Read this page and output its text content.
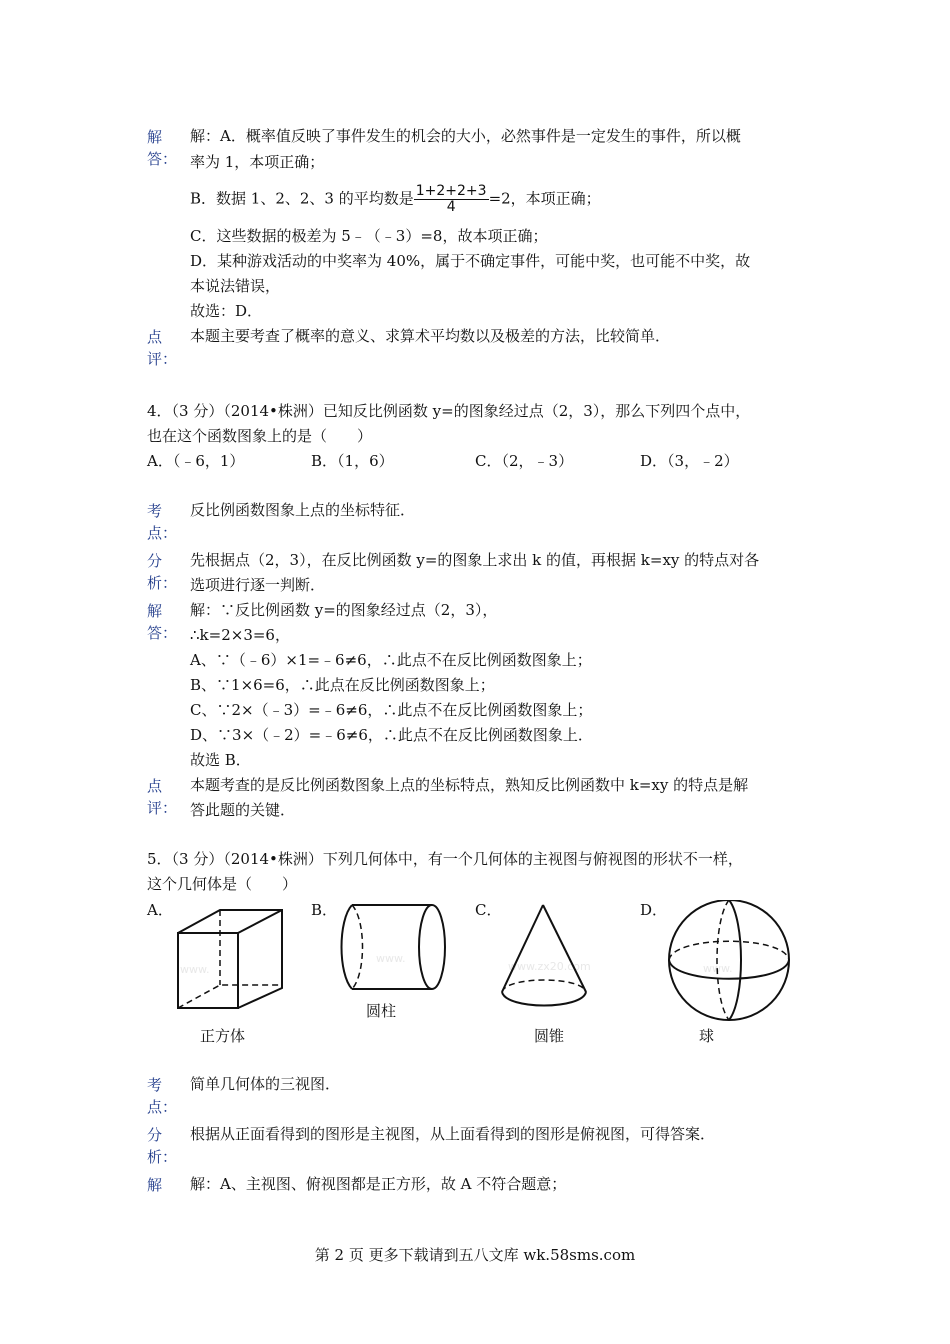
解
答：
解：A．概率值反映了事件发生的机会的大小，必然事件是一定发生的事件，所以概
率为 1，本项正确；
B．数据 1、2、2、3 的平均数是 $\frac{1+2+2+3}{4} =2$，本项正确；
C．这些数据的极差为 5﹣（﹣3）=8，故本项正确；
D．某种游戏活动的中奖率为 40%，属于不确定事件，可能中奖，也可能不中奖，故
本说法错误，
故选：D．
点
评：
本题主要考查了概率的意义、求算术平均数以及极差的方法，比较简单．
4．（3 分）（2014•株洲）已知反比例函数 y=的图象经过点（2，3），那么下列四个点中，
也在这个函数图象上的是（　　）
A．（﹣6，1）	B．（1，6）	C．（2，﹣3）	D．（3，﹣2）
考
点：
反比例函数图象上点的坐标特征．
分
析：
先根据点（2，3），在反比例函数 y=的图象上求出 k 的值，再根据 k=xy 的特点对各
选项进行逐一判断．
解
答：
解：∵反比例函数 y=的图象经过点（2，3），
∴k=2×3=6，
A、∵（﹣6）×1=﹣6≠6，∴此点不在反比例函数图象上；
B、∵1×6=6，∴此点在反比例函数图象上；
C、∵2×（﹣3）=﹣6≠6，∴此点不在反比例函数图象上；
D、∵3×（﹣2）=﹣6≠6，∴此点不在反比例函数图象上．
故选 B．
点
评：
本题考查的是反比例函数图象上点的坐标特点，熟知反比例函数中 k=xy 的特点是解
答此题的关键．
5．（3 分）（2014•株洲）下列几何体中，有一个几何体的主视图与俯视图的形状不一样，
这个几何体是（　　）
A．	B．	C．	D．
www.
正方体
www.
圆柱
www.zx20.com
圆锥
www.
球
考
点：
简单几何体的三视图．
分
析：
根据从正面看得到的图形是主视图，从上面看得到的图形是俯视图，可得答案．
解 解：A、主视图、俯视图都是正方形，故 A 不符合题意；
第 2 页 更多下载请到五八文库 wk.58sms.com
